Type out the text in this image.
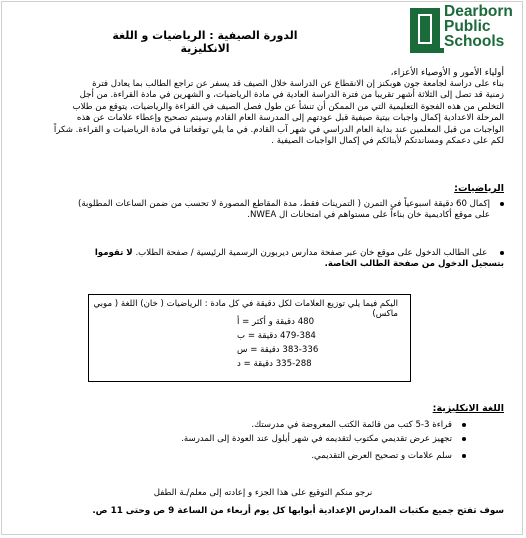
Dearborn
Public
Schools
الدورة الصيفية : الرياضيات و اللغة الانكليزية
أولياء الأمور و الأوصياء الأعزاء،
بناء على دراسة لجامعة جون هوبكنز إن الانقطاع عن الدراسة خلال الصيف قد يسفر عن تراجع الطالب بما يعادل فترة
زمنية قد تصل إلى الثلاثة أشهر تقريبا من فترة الدراسة العادية في مادة الرياضيات، و الشهرين في مادة القراءة. من أجل
التخلص من هذه الفجوة التعليمية التي من الممكن أن تنشأ عن طول فصل الصيف في القراءة والرياضيات، يتوقع من طلاب
المرحلة الاعدادية إكمال واجبات بيتية صيفية قبل عودتهم إلى المدرسة العام القادم وسيتم تصحيح وإعطاء علامات عن هذه
الواجبات من قبل المعلمين عند بداية العام الدراسي في شهر آب القادم. في ما يلي توقعاتنا في مادة الرياضيات و القراءة. شكراً
لكم على دعمكم ومساندتكم لأبنائكم في إكمال الواجبات الصيفية .
الرياضيات:
إكمال 60 دقيقة اسبوعياً في التمرن ( التمرينات فقط، مدة المقاطع المصورة لا تحسب من ضمن الساعات المطلوبة)
على موقع أكاديمية خان بناءاً على مستواهم في امتحانات ال NWEA.
على الطالب الدخول على موقع خان عبر صفحة مدارس ديربورن الرسمية الرئيسية / صفحة الطلاب. لا تقوموا
بتسجيل الدخول من صفحة الطالب الخاصة.
اليكم فيما يلي توزيع العلامات لكل دقيقة في كل مادة : الرياضيات ( خان) اللغة ( موبي ماكس)
480 دقيقة و أكثر = أ
479-384 دقيقة = ب
383-336 دقيقة = س
335-288 دقيقة = د
اللغة الانكليزية:
قراءة 3-5 كتب من قائمة الكتب المعروضة في مدرستك.
تجهيز عرض تقديمي مكتوب لتقديمه في شهر أيلول عند العودة إلى المدرسة.
سلم علامات و تصحيح العرض التقديمي.
نرجو منكم التوقيع على هذا الجزء و إعادته إلى معلم/ـة الطفل
سوف تفتح جميع مكتبات المدارس الإعدادية أبوابها كل يوم أربعاء من الساعة 9 ص وحتى 11 ص.
